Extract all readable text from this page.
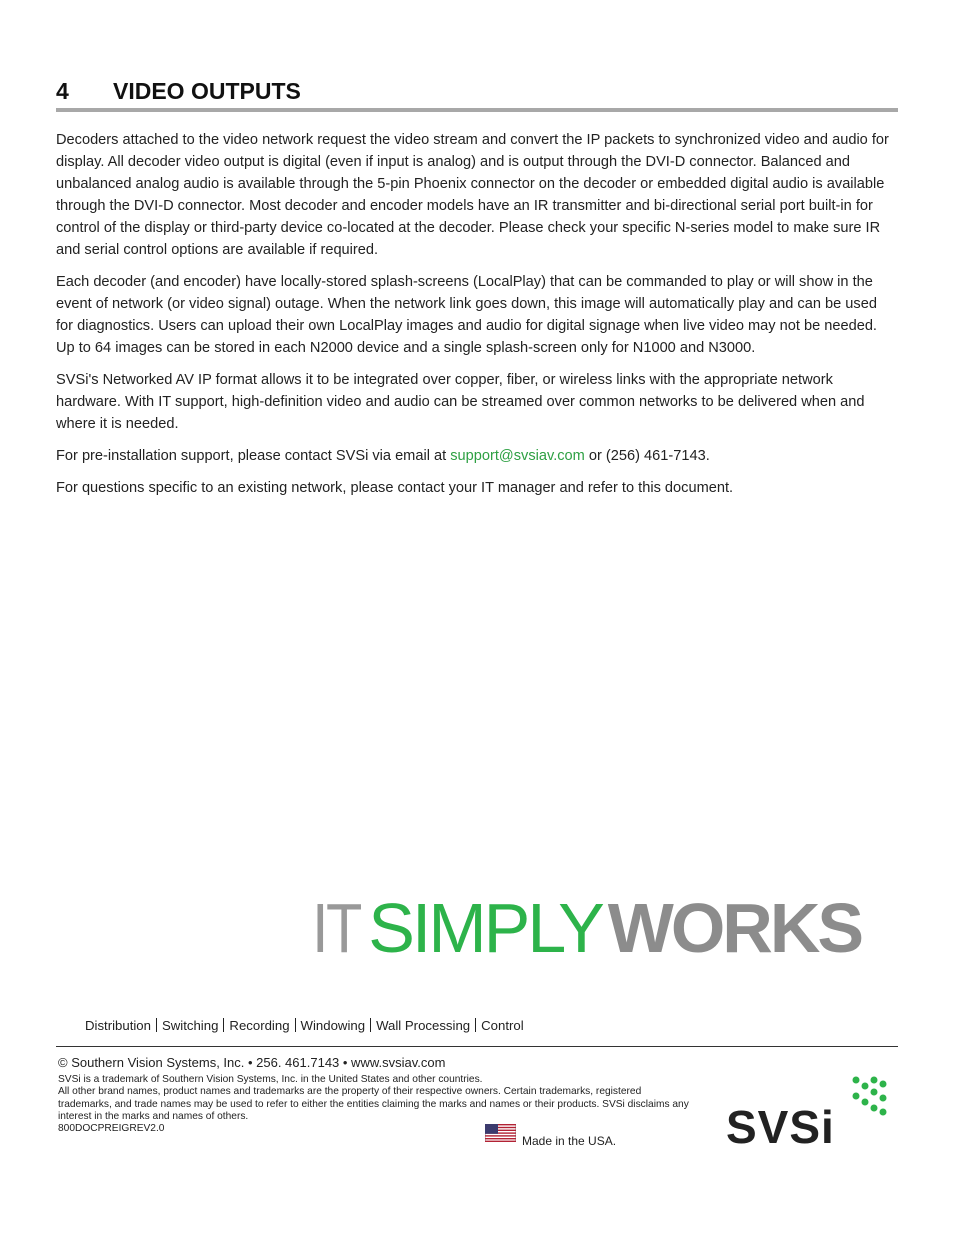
4 VIDEO OUTPUTS

Decoders attached to the video network request the video stream and convert the IP packets to synchronized video and audio for display. All decoder video output is digital (even if input is analog) and is output through the DVI-D connector. Balanced and unbalanced analog audio is available through the 5-pin Phoenix connector on the decoder or embedded digital audio is available through the DVI-D connector. Most decoder and encoder models have an IR transmitter and bi-directional serial port built-in for control of the display or third-party device co-located at the decoder. Please check your specific N-series model to make sure IR and serial control options are available if required.

Each decoder (and encoder) have locally-stored splash-screens (LocalPlay) that can be commanded to play or will show in the event of network (or video signal) outage. When the network link goes down, this image will automatically play and can be used for diagnostics. Users can upload their own LocalPlay images and audio for digital signage when live video may not be needed. Up to 64 images can be stored in each N2000 device and a single splash-screen only for N1000 and N3000.

SVSi's Networked AV IP format allows it to be integrated over copper, fiber, or wireless links with the appropriate network hardware. With IT support, high-definition video and audio can be streamed over common networks to be delivered when and where it is needed.

For pre-installation support, please contact SVSi via email at support@svsiav.com or (256) 461-7143.

For questions specific to an existing network, please contact your IT manager and refer to this document.

IT SIMPLYWORKS
Distribution Switching Recording Windowing Wall Processing Control
© Southern Vision Systems, Inc. • 256. 461.7143 • www.svsiav.com
SVSi is a trademark of Southern Vision Systems, Inc. in the United States and other countries.
All other brand names, product names and trademarks are the property of their respective owners. Certain trademarks, registered trademarks, and trade names may be used to refer to either the entities claiming the marks and names or their products. SVSi disclaims any interest in the marks and names of others.
800DOCPREIGREV2.0
Made in the USA. SVSi
